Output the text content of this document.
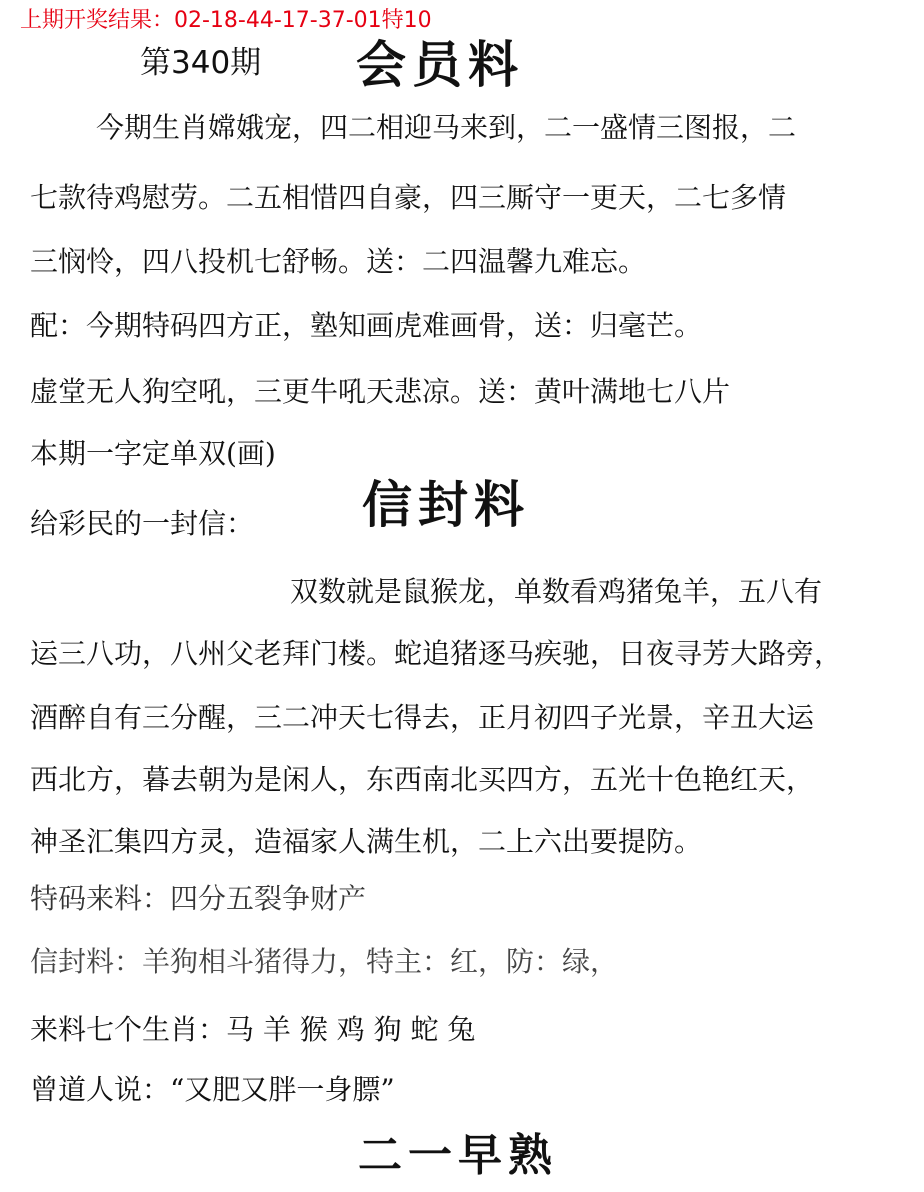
上期开奖结果：02-18-44-17-37-01特10
第340期 会员料
今期生肖嫦娥宠，四二相迎马来到，二一盛情三图报，二
七款待鸡慰劳。二五相惜四自豪，四三厮守一更天，二七多情
三悯怜，四八投机七舒畅。送：二四温馨九难忘。
配：今期特码四方正，塾知画虎难画骨，送：归毫芒。
虚堂无人狗空吼，三更牛吼天悲凉。送：黄叶满地七八片
本期一字定单双(画)
给彩民的一封信： 信封料
双数就是鼠猴龙，单数看鸡猪兔羊，五八有
运三八功，八州父老拜门楼。蛇追猪逐马疾驰，日夜寻芳大路旁，
酒醉自有三分醒，三二冲天七得去，正月初四子光景，辛丑大运
西北方，暮去朝为是闲人，东西南北买四方，五光十色艳红天，
神圣汇集四方灵，造福家人满生机，二上六出要提防。
特码来料：四分五裂争财产
信封料：羊狗相斗猪得力，特主：红，防：绿，
来料七个生肖：马 羊 猴 鸡 狗 蛇 兔
曾道人说：“又肥又胖一身膘”
二一早熟
